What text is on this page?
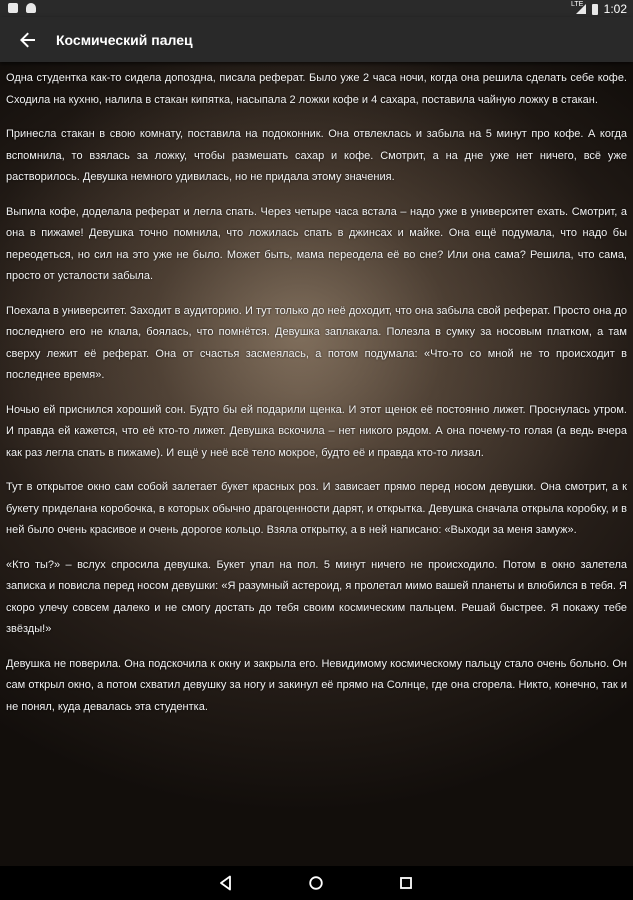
LTE 1:02
Космический палец

Одна студентка как-то сидела допоздна, писала реферат. Было уже 2 часа ночи, когда она решила сделать себе кофе. Сходила на кухню, налила в стакан кипятка, насыпала 2 ложки кофе и 4 сахара, поставила чайную ложку в стакан.

Принесла стакан в свою комнату, поставила на подоконник. Она отвлеклась и забыла на 5 минут про кофе. А когда вспомнила, то взялась за ложку, чтобы размешать сахар и кофе. Смотрит, а на дне уже нет ничего, всё уже растворилось. Девушка немного удивилась, но не придала этому значения.

Выпила кофе, доделала реферат и легла спать. Через четыре часа встала – надо уже в университет ехать. Смотрит, а она в пижаме! Девушка точно помнила, что ложилась спать в джинсах и майке. Она ещё подумала, что надо бы переодеться, но сил на это уже не было. Может быть, мама переодела её во сне? Или она сама? Решила, что сама, просто от усталости забыла.

Поехала в университет. Заходит в аудиторию. И тут только до неё доходит, что она забыла свой реферат. Просто она до последнего его не клала, боялась, что помнётся. Девушка заплакала. Полезла в сумку за носовым платком, а там сверху лежит её реферат. Она от счастья засмеялась, а потом подумала: «Что-то со мной не то происходит в последнее время».

Ночью ей приснился хороший сон. Будто бы ей подарили щенка. И этот щенок её постоянно лижет. Проснулась утром. И правда ей кажется, что её кто-то лижет. Девушка вскочила – нет никого рядом. А она почему-то голая (а ведь вчера как раз легла спать в пижаме). И ещё у неё всё тело мокрое, будто её и правда кто-то лизал.

Тут в открытое окно сам собой залетает букет красных роз. И зависает прямо перед носом девушки. Она смотрит, а к букету приделана коробочка, в которых обычно драгоценности дарят, и открытка. Девушка сначала открыла коробку, и в ней было очень красивое и очень дорогое кольцо. Взяла открытку, а в ней написано: «Выходи за меня замуж».

«Кто ты?» – вслух спросила девушка. Букет упал на пол. 5 минут ничего не происходило. Потом в окно залетела записка и повисла перед носом девушки: «Я разумный астероид, я пролетал мимо вашей планеты и влюбился в тебя. Я скоро улечу совсем далеко и не смогу достать до тебя своим космическим пальцем. Решай быстрее. Я покажу тебе звёзды!»

Девушка не поверила. Она подскочила к окну и закрыла его. Невидимому космическому пальцу стало очень больно. Он сам открыл окно, а потом схватил девушку за ногу и закинул её прямо на Солнце, где она сгорела. Никто, конечно, так и не понял, куда девалась эта студентка.
